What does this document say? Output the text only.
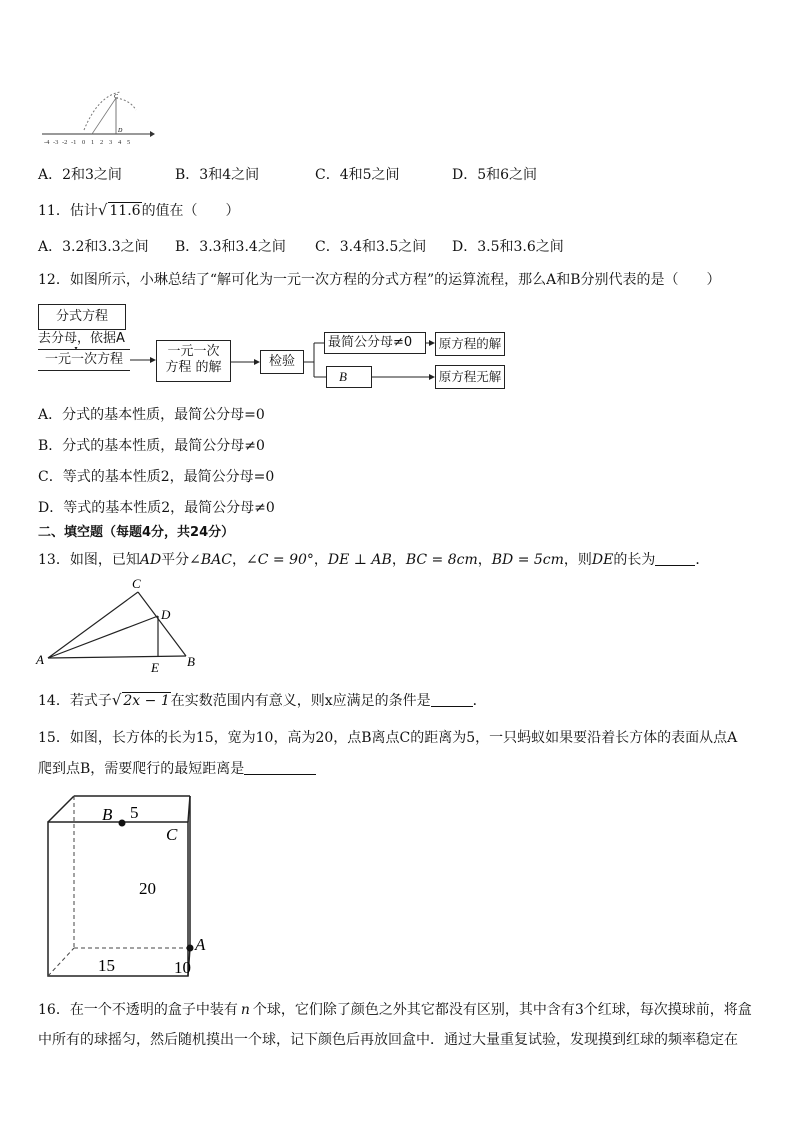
C
D
-4 -3 -2 -1 0 1 2 3 4 5
A．2和3之间	B．3和4之间	C．4和5之间	D．5和6之间
11．估计√ 11.6的值在（　　）
A．3.2和3.3之间 B．3.3和3.4之间 C．3.4和3.5之间 D．3.5和3.6之间
12．如图所示，小琳总结了“解可化为一元一次方程的分式方程”的运算流程，那么A和B分别代表的是（　　）
分式方程
去分母，依据A
一元一次方程
一元一次
方程 的解	检验
最简公分母≠0
B
原方程的解
原方程无解
A．分式的基本性质，最简公分母=0
B．分式的基本性质，最简公分母≠0
C．等式的基本性质2，最简公分母=0
D．等式的基本性质2，最简公分母≠0
二、填空题（每题4分，共24分）
13．如图，已知AD平分∠BAC，∠C = 90°，DE ⊥ AB，BC = 8cm，BD = 5cm，则DE的长为	．
A	B
C
D
E
14．若式子√ 2x − 1在实数范围内有意义，则x应满足的条件是	．
15．如图，长方体的长为15，宽为10，高为20，点B离点C的距离为5，一只蚂蚁如果要沿着长方体的表面从点A
爬到点B，需要爬行的最短距离是
B 5
C
20
A
15	10
16．在一个不透明的盒子中装有 n 个球，它们除了颜色之外其它都没有区别，其中含有3个红球，每次摸球前，将盒
中所有的球摇匀，然后随机摸出一个球，记下颜色后再放回盒中．通过大量重复试验，发现摸到红球的频率稳定在
